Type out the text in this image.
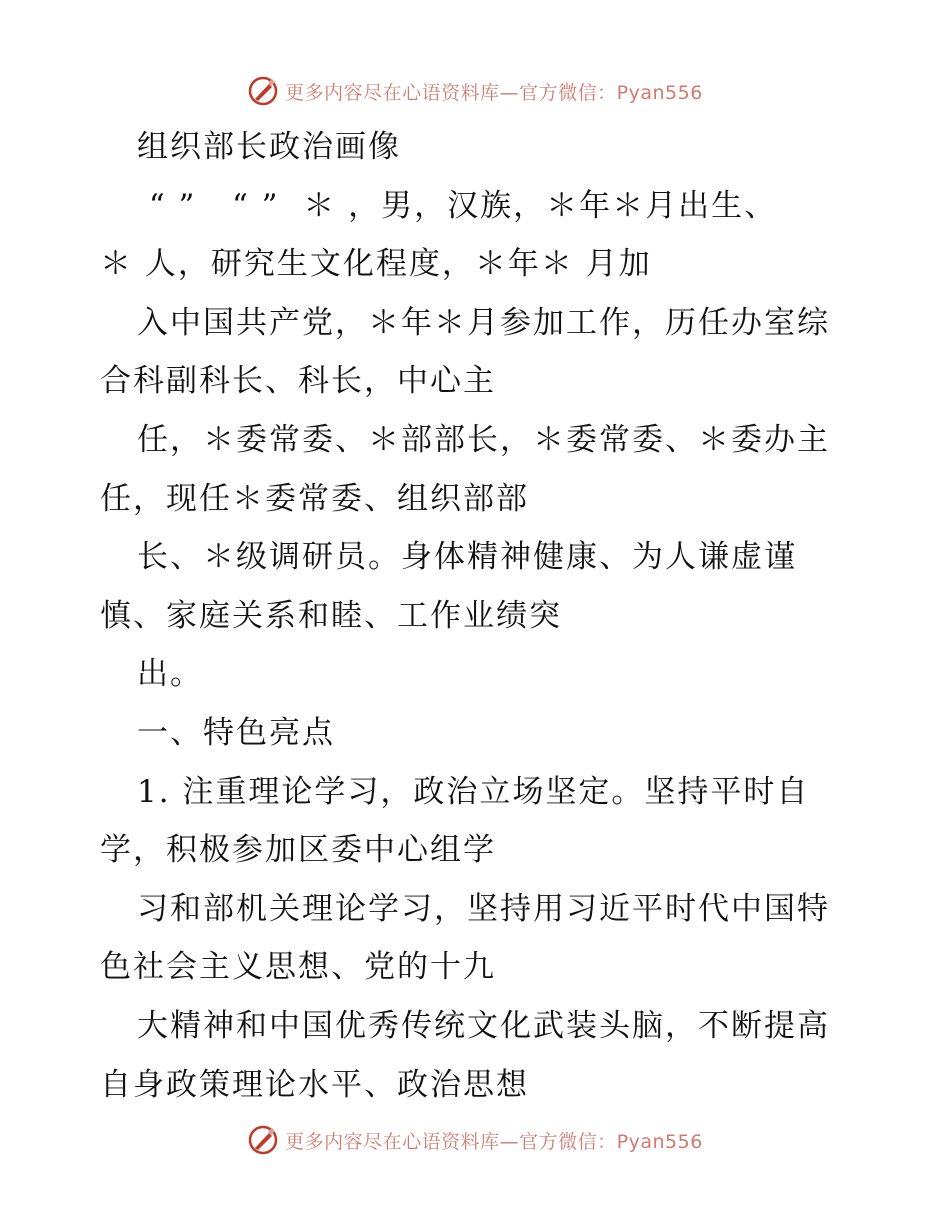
更多内容尽在心语资料库—官方微信：Pyan556
组织部长政治画像
“ ”   “ ”  ＊ ，男，汉族，＊年＊月出生、
＊ 人，研究生文化程度，＊年＊ 月加
入中国共产党，＊年＊月参加工作，历任办室综
合科副科长、科长，中心主
任，＊委常委、＊部部长，＊委常委、＊委办主
任，现任＊委常委、组织部部
长、＊级调研员。身体精神健康、为人谦虚谨
慎、家庭关系和睦、工作业绩突
出。
一、特色亮点
1. 注重理论学习，政治立场坚定。坚持平时自
学，积极参加区委中心组学
习和部机关理论学习，坚持用习近平时代中国特
色社会主义思想、党的十九
大精神和中国优秀传统文化武装头脑，不断提高
自身政策理论水平、政治思想
更多内容尽在心语资料库—官方微信：Pyan556
